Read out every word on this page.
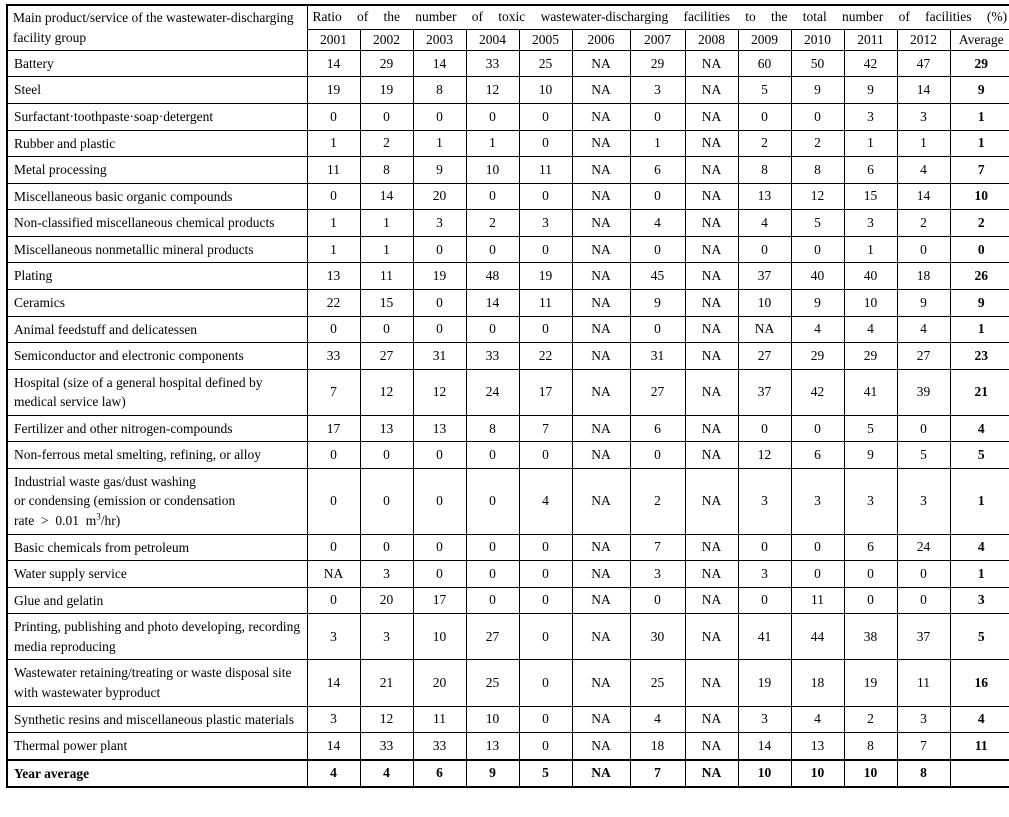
Main product/service of the wastewater-discharging facility group	Ratio of the number of toxic wastewater-discharging facilities to the total number of facilities (%)												
	2001	2002	2003	2004	2005	2006	2007	2008	2009	2010	2011	2012	Average
Battery	14	29	14	33	25	NA	29	NA	60	50	42	47	29
Steel	19	19	8	12	10	NA	3	NA	5	9	9	14	9
Surfactant·toothpaste·soap·detergent	0	0	0	0	0	NA	0	NA	0	0	3	3	1
Rubber and plastic	1	2	1	1	0	NA	1	NA	2	2	1	1	1
Metal processing	11	8	9	10	11	NA	6	NA	8	8	6	4	7
Miscellaneous basic organic compounds	0	14	20	0	0	NA	0	NA	13	12	15	14	10
Non-classified miscellaneous chemical products	1	1	3	2	3	NA	4	NA	4	5	3	2	2
Miscellaneous nonmetallic mineral products	1	1	0	0	0	NA	0	NA	0	0	1	0	0
Plating	13	11	19	48	19	NA	45	NA	37	40	40	18	26
Ceramics	22	15	0	14	11	NA	9	NA	10	9	10	9	9
Animal feedstuff and delicatessen	0	0	0	0	0	NA	0	NA	NA	4	4	4	1
Semiconductor and electronic components	33	27	31	33	22	NA	31	NA	27	29	29	27	23
Hospital (size of a general hospital defined by medical service law)	7	12	12	24	17	NA	27	NA	37	42	41	39	21
Fertilizer and other nitrogen-compounds	17	13	13	8	7	NA	6	NA	0	0	5	0	4
Non-ferrous metal smelting, refining, or alloy	0	0	0	0	0	NA	0	NA	12	6	9	5	5
Industrial waste gas/dust washing
or condensing (emission or condensation
rate  >  0.01  $m^3/hr$)	0	0	0	0	4	NA	2	NA	3	3	3	3	1
Basic chemicals from petroleum	0	0	0	0	0	NA	7	NA	0	0	6	24	4
Water supply service	NA	3	0	0	0	NA	3	NA	3	0	0	0	1
Glue and gelatin	0	20	17	0	0	NA	0	NA	0	11	0	0	3
Printing, publishing and photo developing, recording media reproducing	3	3	10	27	0	NA	30	NA	41	44	38	37	5
Wastewater retaining/treating or waste disposal site with wastewater byproduct	14	21	20	25	0	NA	25	NA	19	18	19	11	16
Synthetic resins and miscellaneous plastic materials	3	12	11	10	0	NA	4	NA	3	4	2	3	4
Thermal power plant	14	33	33	13	0	NA	18	NA	14	13	8	7	11
Year average	4	4	6	9	5	NA	7	NA	10	10	10	8	
